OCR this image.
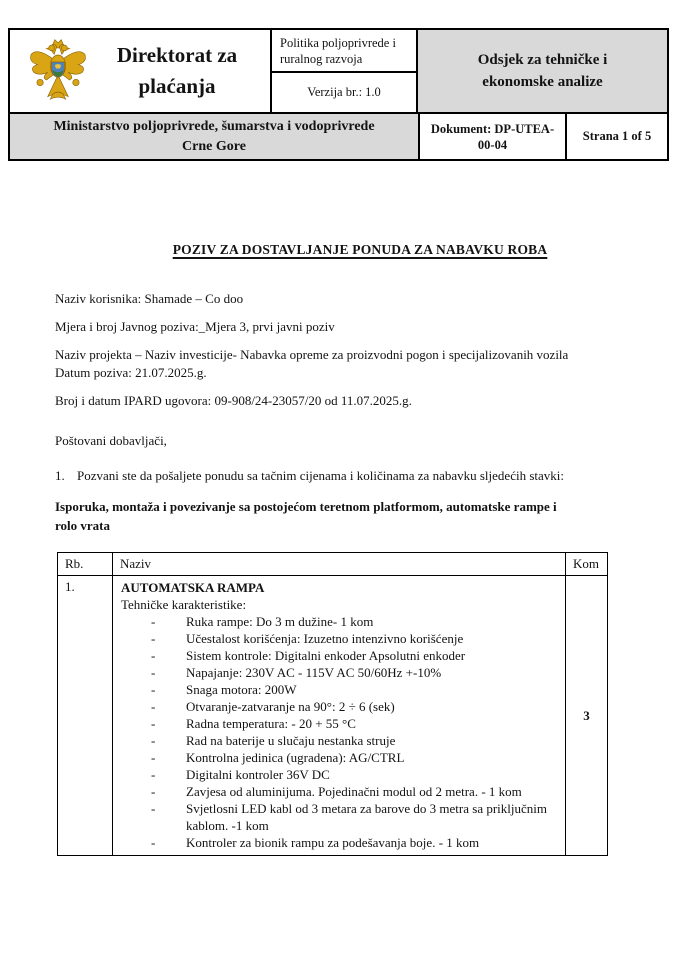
Direktorat za plaćanja
Politika poljoprivrede i ruralnog razvoja
Verzija br.: 1.0
Odsjek za tehničke i ekonomske analize
Ministarstvo poljoprivrede, šumarstva i vodoprivrede Crne Gore
Dokument: DP-UTEA-00-04
Strana 1 of 5
POZIV ZA DOSTAVLJANJE PONUDA ZA NABAVKU ROBA
Naziv korisnika: Shamade – Co doo
Mjera i broj Javnog poziva:_Mjera 3, prvi javni poziv
Naziv projekta – Naziv investicije- Nabavka opreme za proizvodni pogon i specijalizovanih vozila
Datum poziva: 21.07.2025.g.
Broj i datum IPARD ugovora: 09-908/24-23057/20 od 11.07.2025.g.
Poštovani dobavljači,
1. Pozvani ste da pošaljete ponudu sa tačnim cijenama i količinama za nabavku sljedećih stavki:
Isporuka, montaža i povezivanje sa postojećom teretnom platformom, automatske rampe i
rolo vrata
Rb.	Naziv	Kom
1.	AUTOMATSKA RAMPA
Tehničke karakteristike:
-	Ruka rampe: Do 3 m dužine- 1 kom
-	Učestalost korišćenja: Izuzetno intenzivno korišćenje
-	Sistem kontrole: Digitalni enkoder Apsolutni enkoder
-	Napajanje: 230V AC - 115V AC 50/60Hz +-10%
-	Snaga motora: 200W
-	Otvaranje-zatvaranje na 90°: 2 ÷ 6 (sek)
-	Radna temperatura: - 20 + 55 °C
-	Rad na baterije u slučaju nestanka struje
-	Kontrolna jedinica (ugradena): AG/CTRL
-	Digitalni kontroler 36V DC
-	Zavjesa od aluminijuma. Pojedinačni modul od 2 metra. - 1 kom
-	Svjetlosni LED kabl od 3 metara za barove do 3 metra sa priključnim kablom. -1 kom
-	Kontroler za bionik rampu za podešavanja boje. - 1 kom
	3
